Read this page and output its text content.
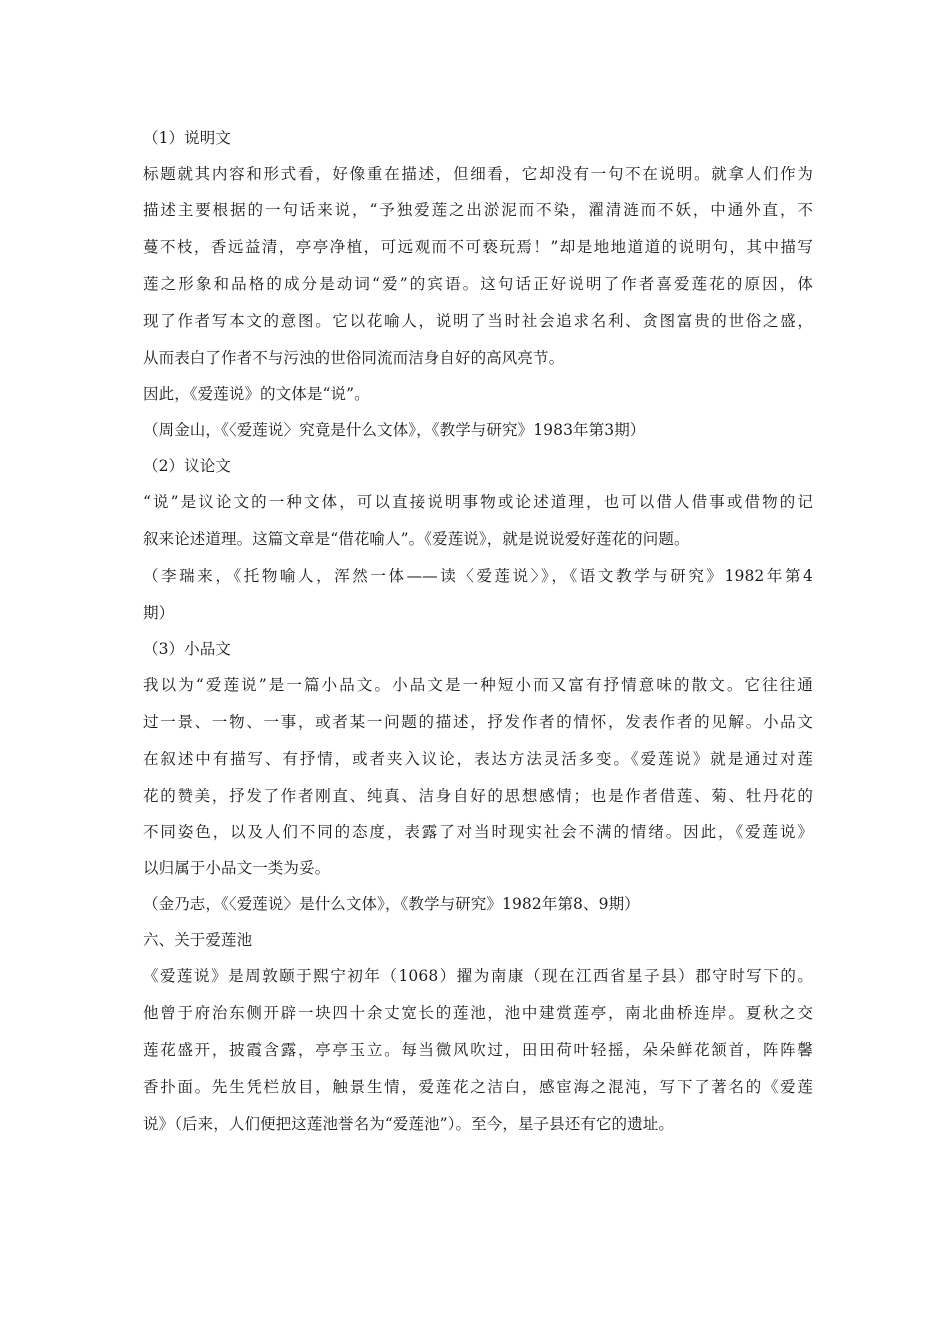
（1）说明文
标题就其内容和形式看，好像重在描述，但细看，它却没有一句不在说明。就拿人们作为
描述主要根据的一句话来说，“予独爱莲之出淤泥而不染，濯清涟而不妖，中通外直，不
蔓不枝，香远益清，亭亭净植，可远观而不可亵玩焉！”却是地地道道的说明句，其中描写
莲之形象和品格的成分是动词“爱”的宾语。这句话正好说明了作者喜爱莲花的原因，体
现了作者写本文的意图。它以花喻人，说明了当时社会追求名利、贪图富贵的世俗之盛，
从而表白了作者不与污浊的世俗同流而洁身自好的高风亮节。
因此，《爱莲说》的文体是“说”。
（周金山，《〈爱莲说〉究竟是什么文体》，《教学与研究》1983年第3期）
（2）议论文
“说”是议论文的一种文体，可以直接说明事物或论述道理，也可以借人借事或借物的记
叙来论述道理。这篇文章是“借花喻人”。《爱莲说》，就是说说爱好莲花的问题。
（李瑞来，《托物喻人，浑然一体——读〈爱莲说〉》，《语文教学与研究》1982年第4
期）
（3）小品文
我以为“爱莲说”是一篇小品文。小品文是一种短小而又富有抒情意味的散文。它往往通
过一景、一物、一事，或者某一问题的描述，抒发作者的情怀，发表作者的见解。小品文
在叙述中有描写、有抒情，或者夹入议论，表达方法灵活多变。《爱莲说》就是通过对莲
花的赞美，抒发了作者刚直、纯真、洁身自好的思想感情；也是作者借莲、菊、牡丹花的
不同姿色，以及人们不同的态度，表露了对当时现实社会不满的情绪。因此，《爱莲说》
以归属于小品文一类为妥。
（金乃志，《〈爱莲说〉是什么文体》，《教学与研究》1982年第8、9期）
六、关于爱莲池
《爱莲说》是周敦颐于熙宁初年（1068）擢为南康（现在江西省星子县）郡守时写下的。
他曾于府治东侧开辟一块四十余丈宽长的莲池，池中建赏莲亭，南北曲桥连岸。夏秋之交
莲花盛开，披霞含露，亭亭玉立。每当微风吹过，田田荷叶轻摇，朵朵鲜花颔首，阵阵馨
香扑面。先生凭栏放目，触景生情，爱莲花之洁白，感宦海之混沌，写下了著名的《爱莲
说》（后来，人们便把这莲池誉名为“爱莲池”）。至今，星子县还有它的遗址。
